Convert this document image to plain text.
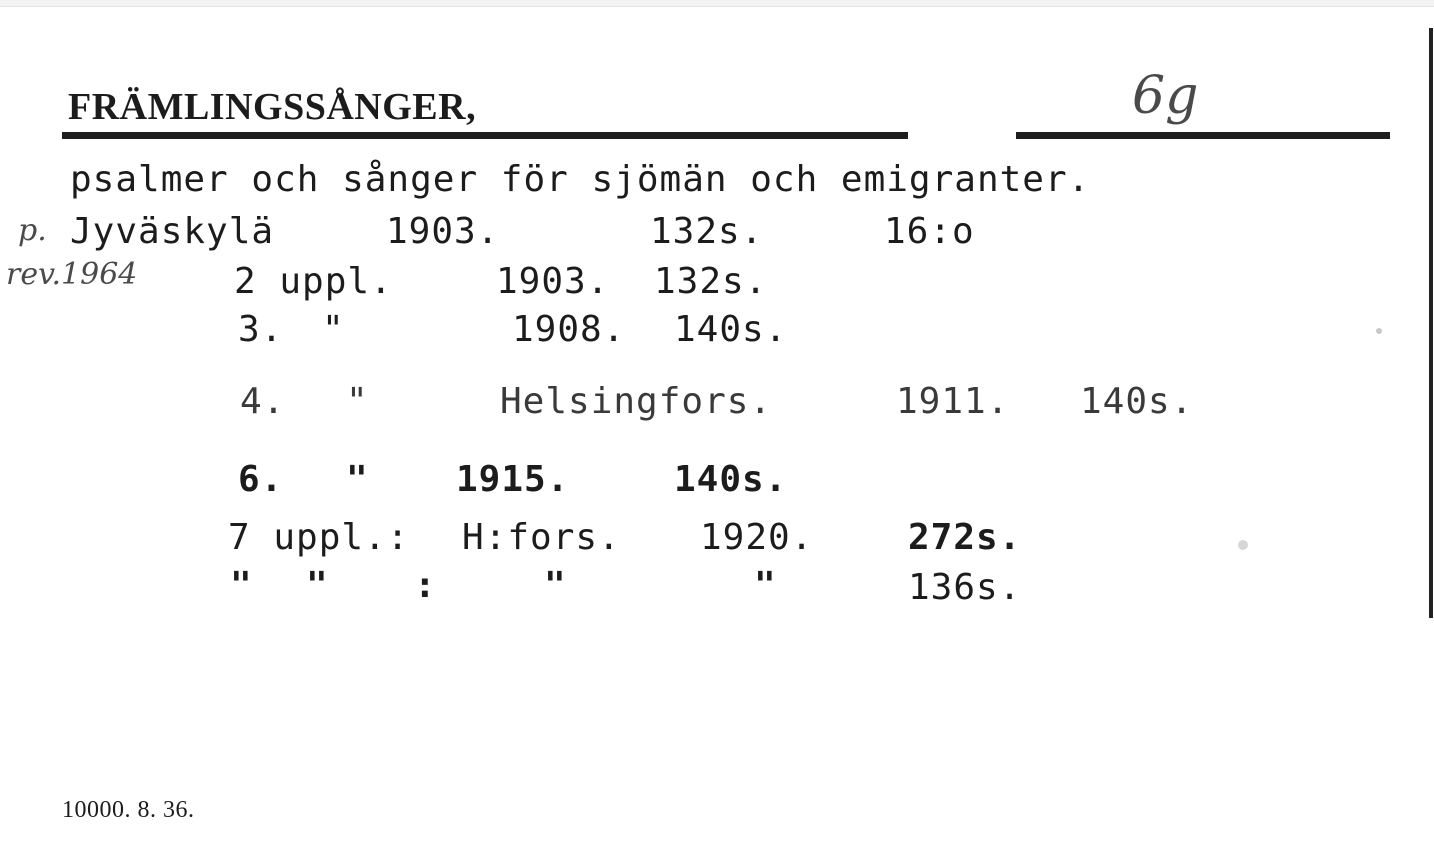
FRÄMLINGSSÅNGER,	6g
psalmer och sånger för sjömän och emigranter.
p. Jyväskylä	1903.	132s.	16:o
rev.1964	2 uppl.	1903. 132s.
3. "	1908. 140s.
4. "	Helsingfors.	1911. 140s.
6. " 1915.	140s.
7 uppl.: H:fors. 1920.	272s.
" " :	"	"	136s.
10000. 8. 36.
